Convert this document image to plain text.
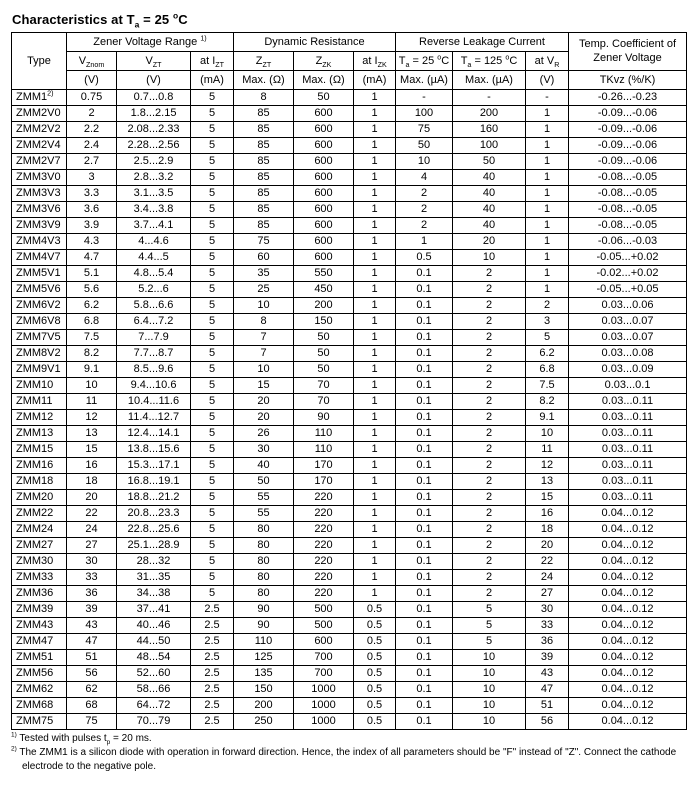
Characteristics at $T_a = 25$ $^o$C
Type	Zener Voltage Range $^{1)}$			Dynamic Resistance			Reverse Leakage Current			Temp. Coefficient of Zener Voltage
	$V_{Znom}$	$V_{ZT}$	at $I_{ZT}$	$Z_{ZT}$	$Z_{ZK}$	at $I_{ZK}$	$T_a = 25$ $^o$C	$T_a = 125$ $^o$C	at $V_R$
	(V)	(V)	(mA)	Max. (Ω)	Max. (Ω)	(mA)	Max. (µA)	Max. (µA)	(V)	TKvz (%/K)
ZMM1$^{2)}$	0.75	0.7...0.8	5	8	50	1	-	-	-	-0.26...-0.23
ZMM2V0	2	1.8...2.15	5	85	600	1	100	200	1	-0.09...-0.06
ZMM2V2	2.2	2.08...2.33	5	85	600	1	75	160	1	-0.09...-0.06
ZMM2V4	2.4	2.28...2.56	5	85	600	1	50	100	1	-0.09...-0.06
ZMM2V7	2.7	2.5...2.9	5	85	600	1	10	50	1	-0.09...-0.06
ZMM3V0	3	2.8...3.2	5	85	600	1	4	40	1	-0.08...-0.05
ZMM3V3	3.3	3.1...3.5	5	85	600	1	2	40	1	-0.08...-0.05
ZMM3V6	3.6	3.4...3.8	5	85	600	1	2	40	1	-0.08...-0.05
ZMM3V9	3.9	3.7...4.1	5	85	600	1	2	40	1	-0.08...-0.05
ZMM4V3	4.3	4...4.6	5	75	600	1	1	20	1	-0.06...-0.03
ZMM4V7	4.7	4.4...5	5	60	600	1	0.5	10	1	-0.05...+0.02
ZMM5V1	5.1	4.8...5.4	5	35	550	1	0.1	2	1	-0.02...+0.02
ZMM5V6	5.6	5.2...6	5	25	450	1	0.1	2	1	-0.05...+0.05
ZMM6V2	6.2	5.8...6.6	5	10	200	1	0.1	2	2	0.03...0.06
ZMM6V8	6.8	6.4...7.2	5	8	150	1	0.1	2	3	0.03...0.07
ZMM7V5	7.5	7...7.9	5	7	50	1	0.1	2	5	0.03...0.07
ZMM8V2	8.2	7.7...8.7	5	7	50	1	0.1	2	6.2	0.03...0.08
ZMM9V1	9.1	8.5...9.6	5	10	50	1	0.1	2	6.8	0.03...0.09
ZMM10	10	9.4...10.6	5	15	70	1	0.1	2	7.5	0.03...0.1
ZMM11	11	10.4...11.6	5	20	70	1	0.1	2	8.2	0.03...0.11
ZMM12	12	11.4...12.7	5	20	90	1	0.1	2	9.1	0.03...0.11
ZMM13	13	12.4...14.1	5	26	110	1	0.1	2	10	0.03...0.11
ZMM15	15	13.8...15.6	5	30	110	1	0.1	2	11	0.03...0.11
ZMM16	16	15.3...17.1	5	40	170	1	0.1	2	12	0.03...0.11
ZMM18	18	16.8...19.1	5	50	170	1	0.1	2	13	0.03...0.11
ZMM20	20	18.8...21.2	5	55	220	1	0.1	2	15	0.03...0.11
ZMM22	22	20.8...23.3	5	55	220	1	0.1	2	16	0.04...0.12
ZMM24	24	22.8...25.6	5	80	220	1	0.1	2	18	0.04...0.12
ZMM27	27	25.1...28.9	5	80	220	1	0.1	2	20	0.04...0.12
ZMM30	30	28...32	5	80	220	1	0.1	2	22	0.04...0.12
ZMM33	33	31...35	5	80	220	1	0.1	2	24	0.04...0.12
ZMM36	36	34...38	5	80	220	1	0.1	2	27	0.04...0.12
ZMM39	39	37...41	2.5	90	500	0.5	0.1	5	30	0.04...0.12
ZMM43	43	40...46	2.5	90	500	0.5	0.1	5	33	0.04...0.12
ZMM47	47	44...50	2.5	110	600	0.5	0.1	5	36	0.04...0.12
ZMM51	51	48...54	2.5	125	700	0.5	0.1	10	39	0.04...0.12
ZMM56	56	52...60	2.5	135	700	0.5	0.1	10	43	0.04...0.12
ZMM62	62	58...66	2.5	150	1000	0.5	0.1	10	47	0.04...0.12
ZMM68	68	64...72	2.5	200	1000	0.5	0.1	10	51	0.04...0.12
ZMM75	75	70...79	2.5	250	1000	0.5	0.1	10	56	0.04...0.12

$^{1)}$ Tested with pulses $t_p = 20$ ms.

$^{2)}$ The ZMM1 is a silicon diode with operation in forward direction. Hence, the index of all parameters should be "F" instead of "Z". Connect the cathode electrode to the negative pole.
